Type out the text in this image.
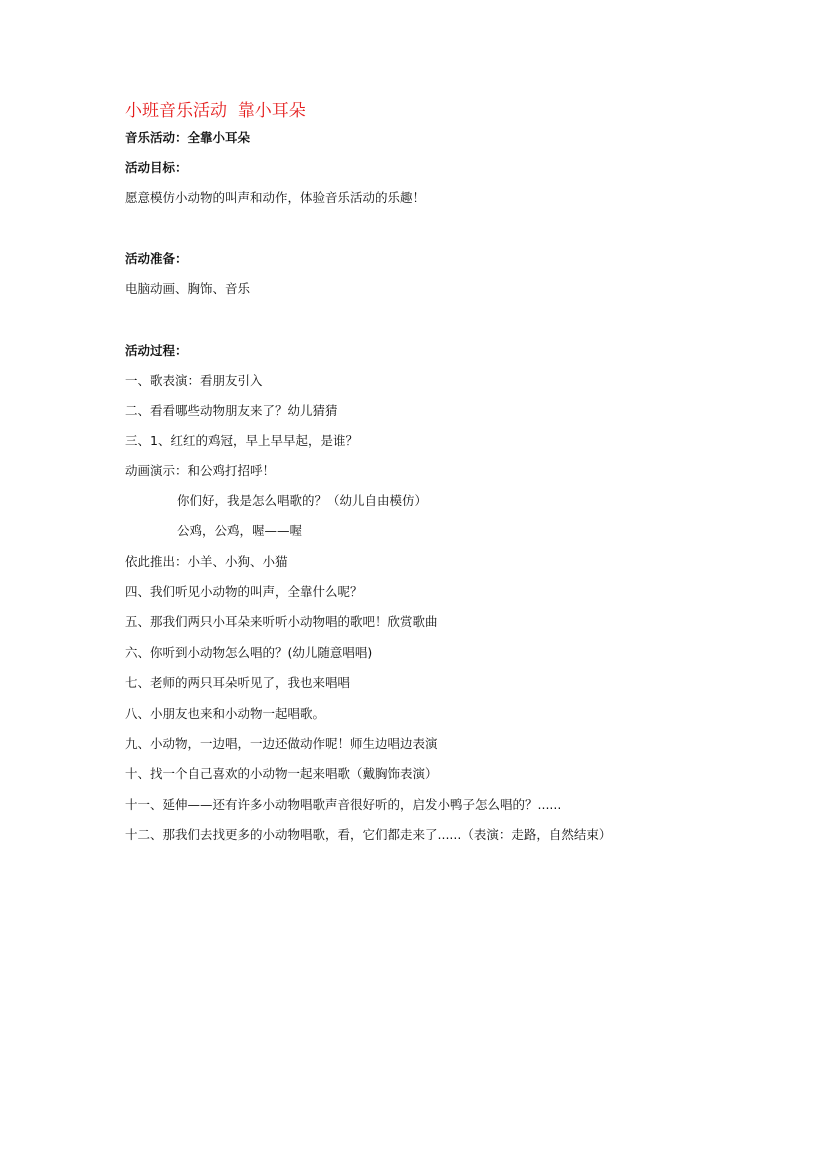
小班音乐活动  靠小耳朵

音乐活动：全靠小耳朵

活动目标：

愿意模仿小动物的叫声和动作，体验音乐活动的乐趣！

活动准备：

电脑动画、胸饰、音乐

活动过程：

一、歌表演：看朋友引入

二、看看哪些动物朋友来了？幼儿猜猜

三、1、红红的鸡冠，早上早早起，是谁？

动画演示：和公鸡打招呼！

你们好，我是怎么唱歌的？（幼儿自由模仿）

公鸡，公鸡，喔——喔

依此推出：小羊、小狗、小猫

四、我们听见小动物的叫声，全靠什么呢？

五、那我们两只小耳朵来听听小动物唱的歌吧！欣赏歌曲

六、你听到小动物怎么唱的？(幼儿随意唱唱)

七、老师的两只耳朵听见了，我也来唱唱

八、小朋友也来和小动物一起唱歌。

九、小动物，一边唱，一边还做动作呢！师生边唱边表演

十、找一个自己喜欢的小动物一起来唱歌（戴胸饰表演）

十一、延伸——还有许多小动物唱歌声音很好听的，启发小鸭子怎么唱的？......

十二、那我们去找更多的小动物唱歌，看，它们都走来了......（表演：走路，自然结束）
